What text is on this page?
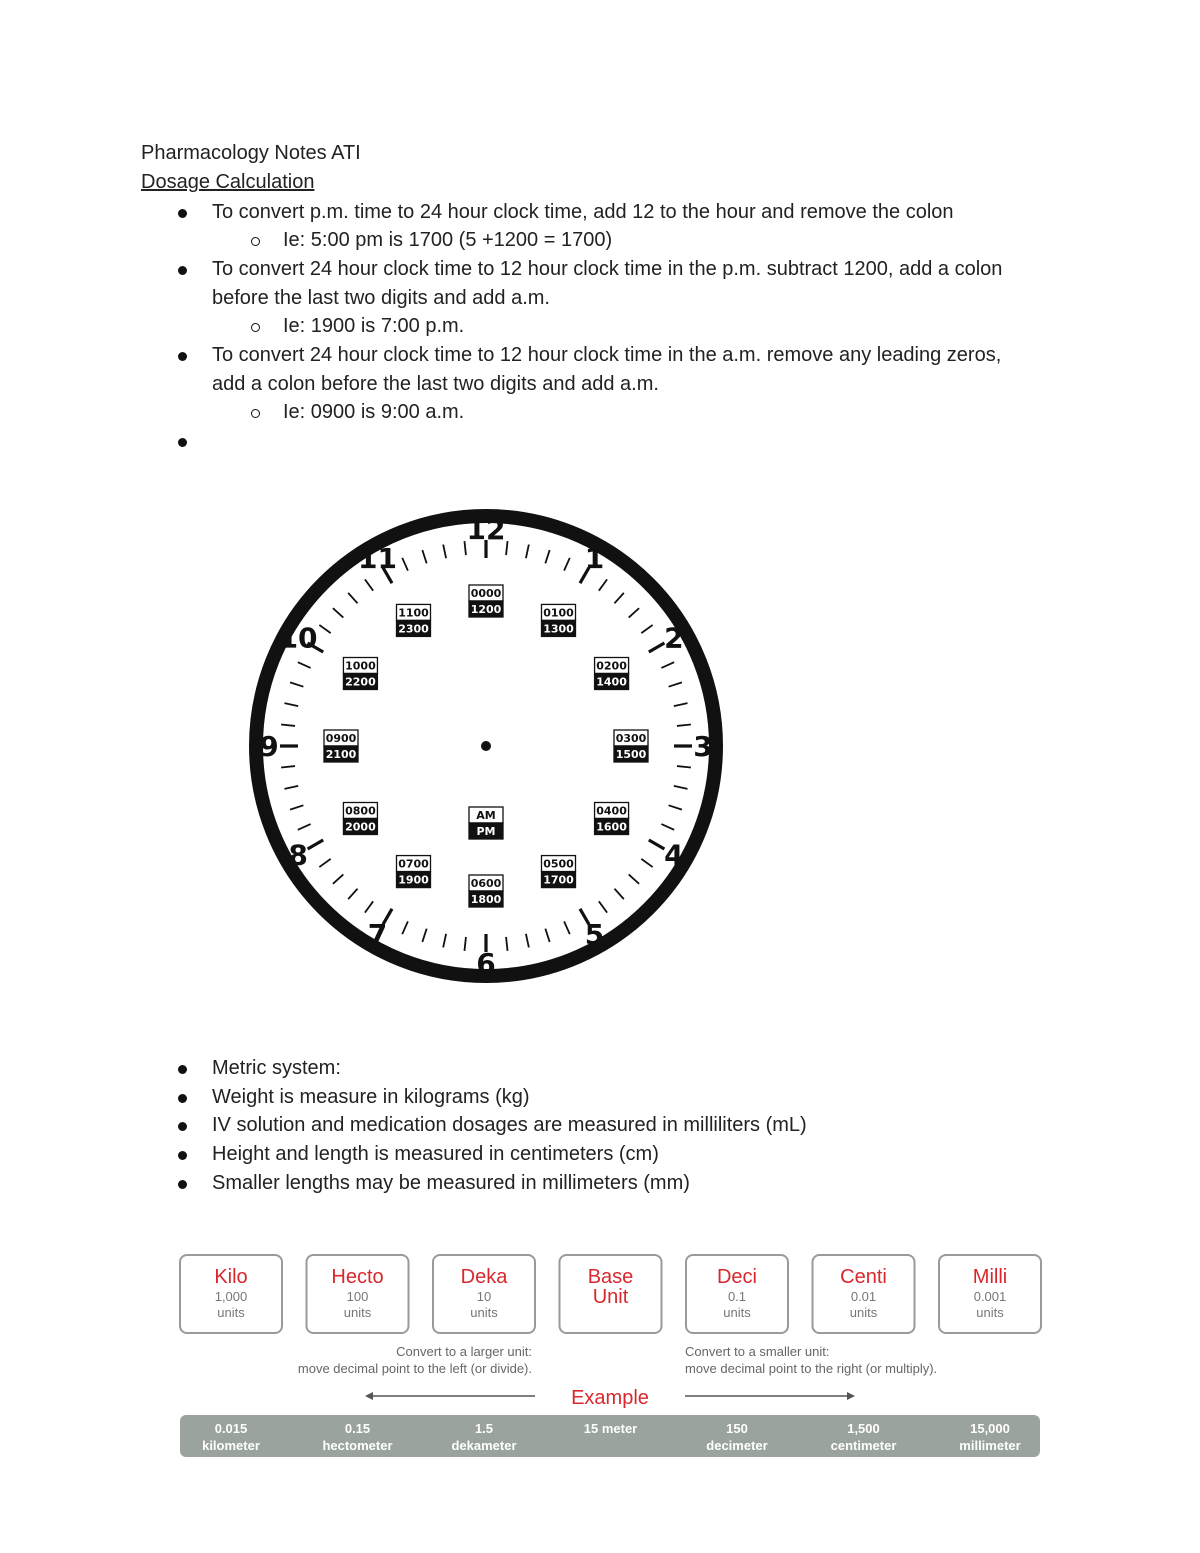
Pharmacology Notes ATI
Dosage Calculation
To convert p.m. time to 24 hour clock time, add 12 to the hour and remove the colon
Ie: 5:00 pm is 1700 (5 +1200 = 1700)
To convert 24 hour clock time to 12 hour clock time in the p.m. subtract 1200, add a colon before the last two digits and add a.m.
Ie: 1900 is 7:00 p.m.
To convert 24 hour clock time to 12 hour clock time in the a.m. remove any leading zeros, add a colon before the last two digits and add a.m.
Ie: 0900 is 9:00 a.m.
12
0000
1200
1
0100
1300	2
0200
1400
3
0300
1500
4
0400
1600
5
0500
1700
6
0600
1800
7
0700
1900
8
0800
2000
9	0900
2100
10
1000
2200
11
1100
2300
AM
PM
Metric system:
Weight is measure in kilograms (kg)
IV solution and medication dosages are measured in milliliters (mL)
Height and length is measured in centimeters (cm)
Smaller lengths may be measured in millimeters (mm)
Kilo
1,000
units
Hecto
100
units
Deka
10
units
Base
Unit
Deci
0.1
units
Centi
0.01
units
Milli
0.001
units
Convert to a larger unit:
move decimal point to the left (or divide).
Convert to a smaller unit:
move decimal point to the right (or multiply).
Example
0.015
kilometer
0.15
hectometer
1.5
dekameter
15 meter	150
decimeter
1,500
centimeter
15,000
millimeter
